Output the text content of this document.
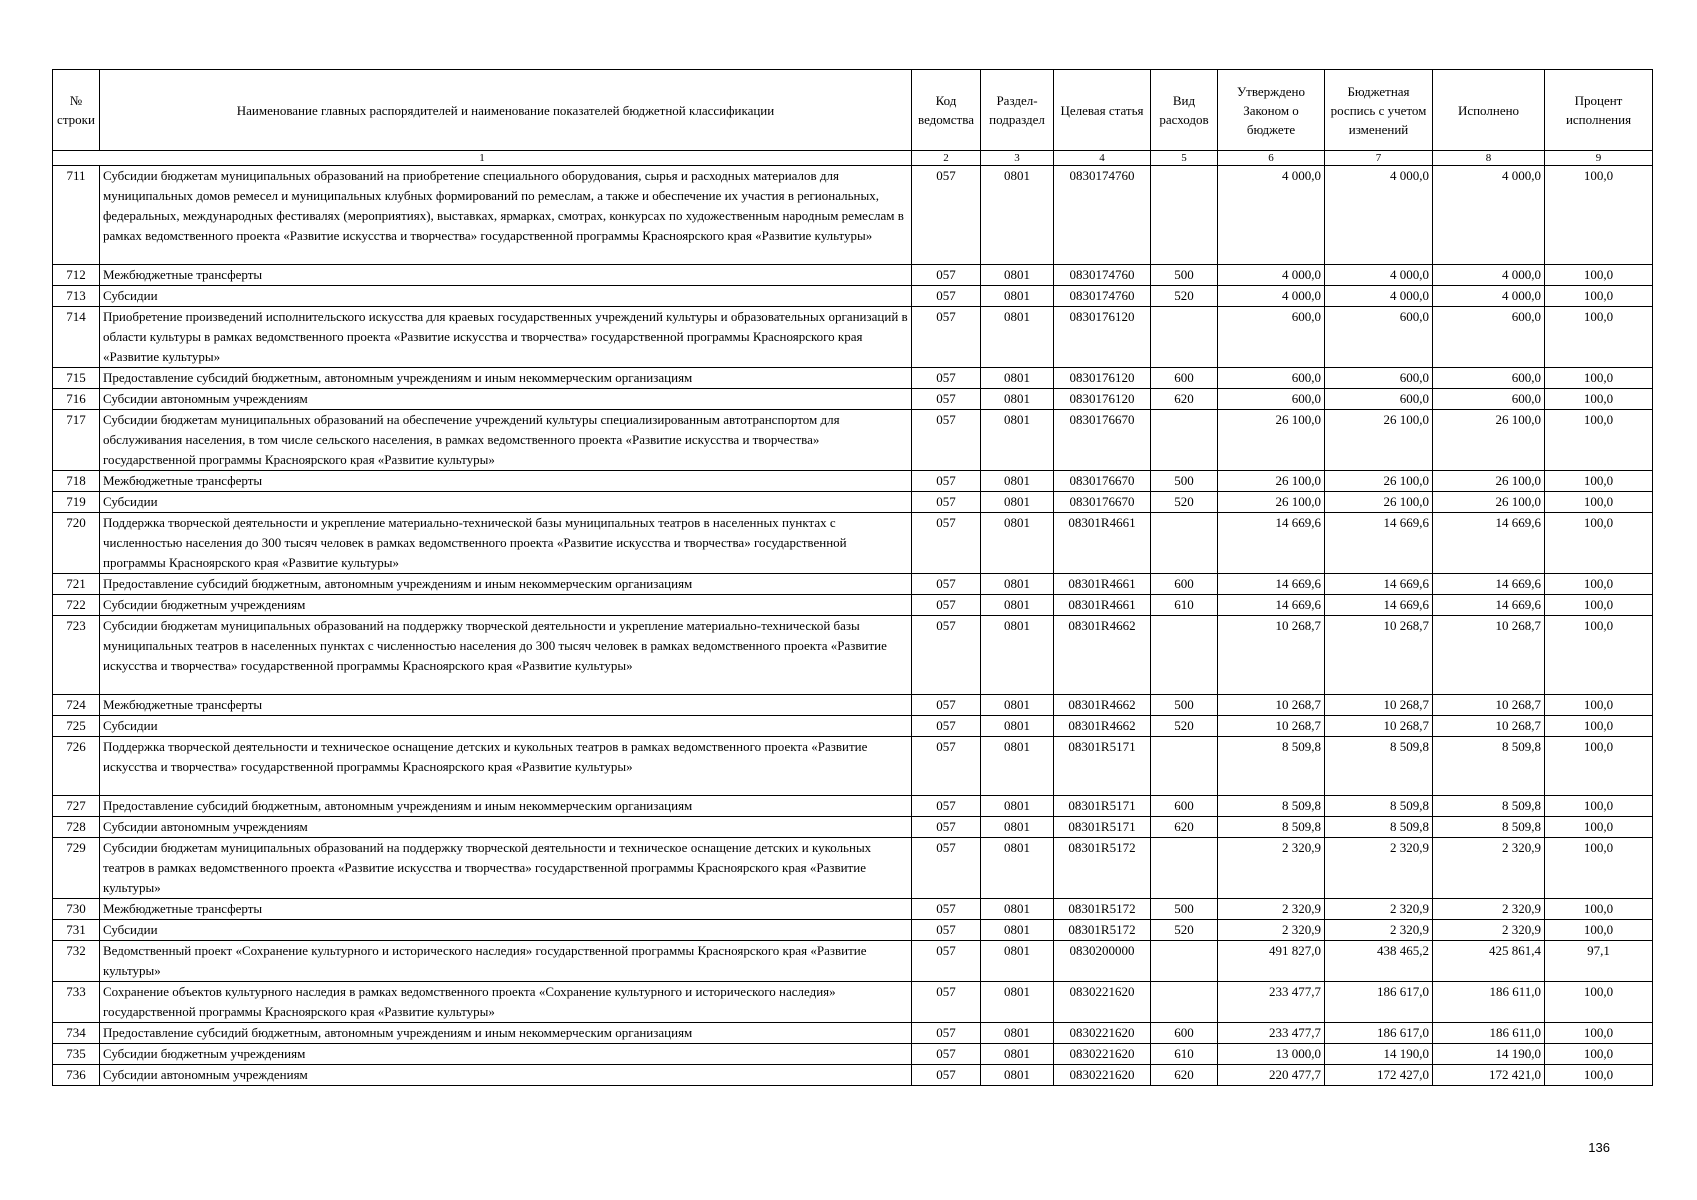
№ строки	Наименование главных распорядителей и наименование показателей бюджетной классификации	Код ведомства	Раздел-подраздел	Целевая статья	Вид расходов	Утверждено Законом о бюджете	Бюджетная роспись с учетом изменений	Исполнено	Процент исполнения
1		2	3	4	5	6	7	8	9
711	Субсидии бюджетам муниципальных образований на приобретение специального оборудования, сырья и расходных материалов для муниципальных домов ремесел и муниципальных клубных формирований по ремеслам, а также и обеспечение их участия в региональных, федеральных, международных фестивалях (мероприятиях), выставках, ярмарках, смотрах, конкурсах по художественным народным ремеслам в рамках ведомственного проекта «Развитие искусства и творчества» государственной программы Красноярского края «Развитие культуры»	057	0801	0830174760		4 000,0	4 000,0	4 000,0	100,0
712	Межбюджетные трансферты	057	0801	0830174760	500	4 000,0	4 000,0	4 000,0	100,0
713	Субсидии	057	0801	0830174760	520	4 000,0	4 000,0	4 000,0	100,0
714	Приобретение произведений исполнительского искусства для краевых государственных учреждений культуры и образовательных организаций в области культуры в рамках ведомственного проекта «Развитие искусства и творчества» государственной программы Красноярского края «Развитие культуры»	057	0801	0830176120		600,0	600,0	600,0	100,0
715	Предоставление субсидий бюджетным, автономным учреждениям и иным некоммерческим организациям	057	0801	0830176120	600	600,0	600,0	600,0	100,0
716	Субсидии автономным учреждениям	057	0801	0830176120	620	600,0	600,0	600,0	100,0
717	Субсидии бюджетам муниципальных образований на обеспечение учреждений культуры специализированным автотранспортом для обслуживания населения, в том числе сельского населения, в рамках ведомственного проекта «Развитие искусства и творчества» государственной программы Красноярского края «Развитие культуры»	057	0801	0830176670		26 100,0	26 100,0	26 100,0	100,0
718	Межбюджетные трансферты	057	0801	0830176670	500	26 100,0	26 100,0	26 100,0	100,0
719	Субсидии	057	0801	0830176670	520	26 100,0	26 100,0	26 100,0	100,0
720	Поддержка творческой деятельности и укрепление материально-технической базы муниципальных театров в населенных пунктах с численностью населения до 300 тысяч человек в рамках ведомственного проекта «Развитие искусства и творчества» государственной программы Красноярского края «Развитие культуры»	057	0801	08301R4661		14 669,6	14 669,6	14 669,6	100,0
721	Предоставление субсидий бюджетным, автономным учреждениям и иным некоммерческим организациям	057	0801	08301R4661	600	14 669,6	14 669,6	14 669,6	100,0
722	Субсидии бюджетным учреждениям	057	0801	08301R4661	610	14 669,6	14 669,6	14 669,6	100,0
723	Субсидии бюджетам муниципальных образований на поддержку творческой деятельности и укрепление материально-технической базы муниципальных театров в населенных пунктах с численностью населения до 300 тысяч человек в рамках ведомственного проекта «Развитие искусства и творчества» государственной программы Красноярского края «Развитие культуры»	057	0801	08301R4662		10 268,7	10 268,7	10 268,7	100,0
724	Межбюджетные трансферты	057	0801	08301R4662	500	10 268,7	10 268,7	10 268,7	100,0
725	Субсидии	057	0801	08301R4662	520	10 268,7	10 268,7	10 268,7	100,0
726	Поддержка творческой деятельности и техническое оснащение детских и кукольных театров в рамках ведомственного проекта «Развитие искусства и творчества» государственной программы Красноярского края «Развитие культуры»	057	0801	08301R5171		8 509,8	8 509,8	8 509,8	100,0
727	Предоставление субсидий бюджетным, автономным учреждениям и иным некоммерческим организациям	057	0801	08301R5171	600	8 509,8	8 509,8	8 509,8	100,0
728	Субсидии автономным учреждениям	057	0801	08301R5171	620	8 509,8	8 509,8	8 509,8	100,0
729	Субсидии бюджетам муниципальных образований на поддержку творческой деятельности и техническое оснащение детских и кукольных театров в рамках ведомственного проекта «Развитие искусства и творчества» государственной программы Красноярского края «Развитие культуры»	057	0801	08301R5172		2 320,9	2 320,9	2 320,9	100,0
730	Межбюджетные трансферты	057	0801	08301R5172	500	2 320,9	2 320,9	2 320,9	100,0
731	Субсидии	057	0801	08301R5172	520	2 320,9	2 320,9	2 320,9	100,0
732	Ведомственный проект «Сохранение культурного и исторического наследия» государственной программы Красноярского края «Развитие культуры»	057	0801	0830200000		491 827,0	438 465,2	425 861,4	97,1
733	Сохранение объектов культурного наследия в рамках ведомственного проекта «Сохранение культурного и исторического наследия» государственной программы Красноярского края «Развитие культуры»	057	0801	0830221620		233 477,7	186 617,0	186 611,0	100,0
734	Предоставление субсидий бюджетным, автономным учреждениям и иным некоммерческим организациям	057	0801	0830221620	600	233 477,7	186 617,0	186 611,0	100,0
735	Субсидии бюджетным учреждениям	057	0801	0830221620	610	13 000,0	14 190,0	14 190,0	100,0
736	Субсидии автономным учреждениям	057	0801	0830221620	620	220 477,7	172 427,0	172 421,0	100,0
136
